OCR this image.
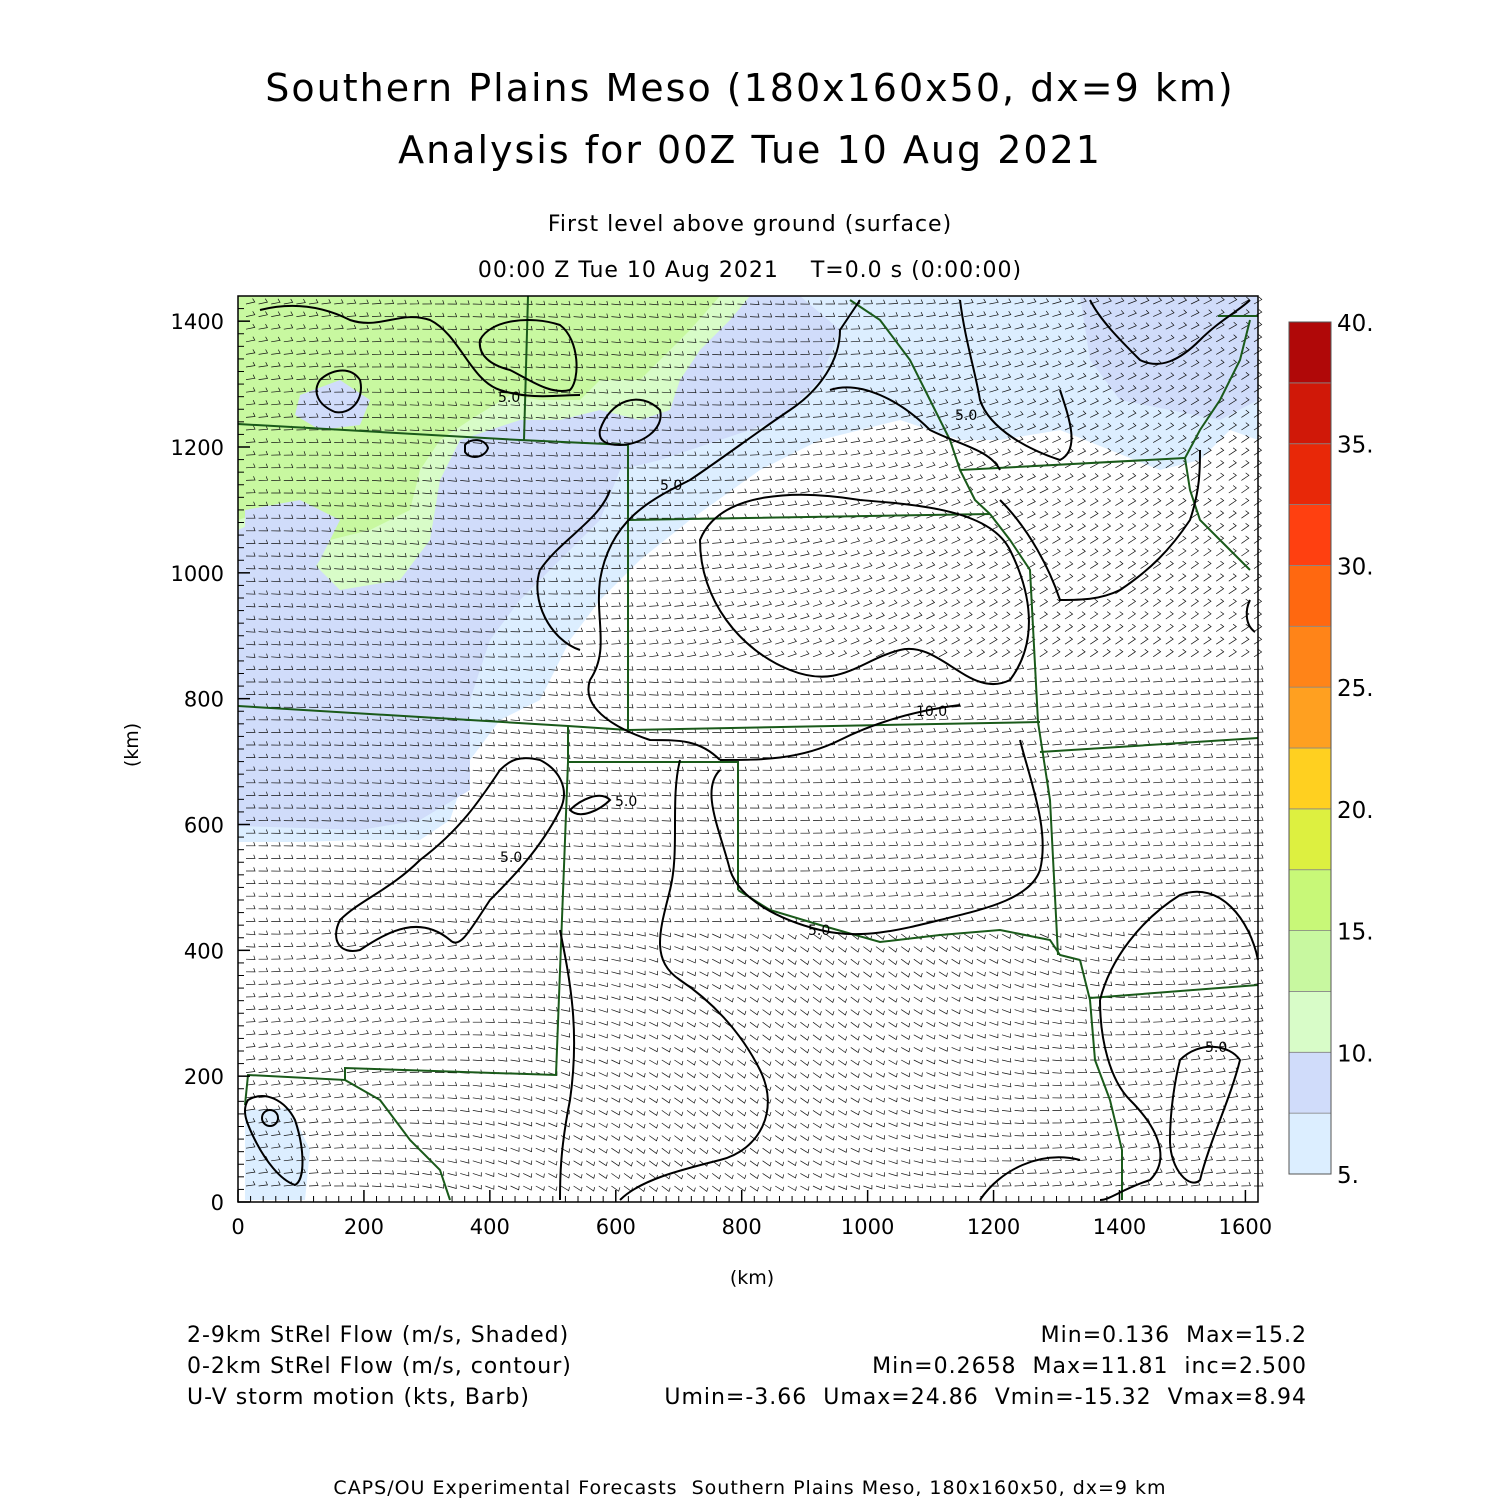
Southern Plains Meso (180x160x50, dx=9 km)
Analysis for 00Z Tue 10 Aug 2021
First level above ground (surface)
00:00 Z Tue 10 Aug 2021    T=0.0 s (0:00:00)
5.0
5.0
5.0
5.0
5.0
5.0
5.0
10.0
0	200	400	600	800	1000	1200	1400	1600
0
200
400
600
800
1000
1200
1400
(km)
(km)
5.
10.
15.
20.
25.
30.
35.
40.
2-9km StRel Flow (m/s, Shaded)	Min=0.136  Max=15.2
0-2km StRel Flow (m/s, contour)	Min=0.2658  Max=11.81  inc=2.500
U-V storm motion (kts, Barb)	Umin=-3.66  Umax=24.86  Vmin=-15.32  Vmax=8.94
CAPS/OU Experimental Forecasts  Southern Plains Meso, 180x160x50, dx=9 km
